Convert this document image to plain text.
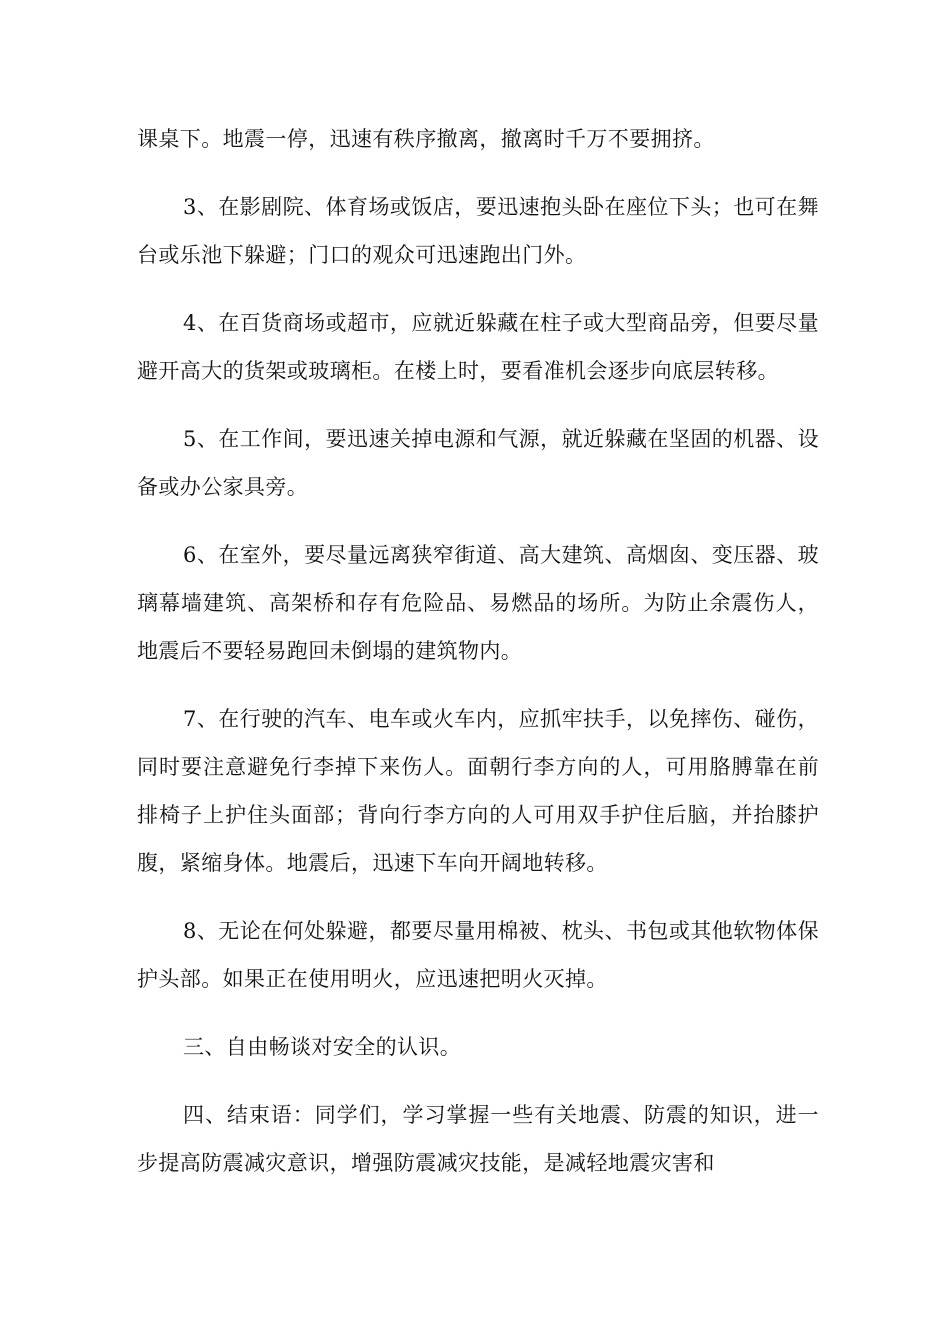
课桌下。地震一停，迅速有秩序撤离，撤离时千万不要拥挤。

3、在影剧院、体育场或饭店，要迅速抱头卧在座位下头；也可在舞台或乐池下躲避；门口的观众可迅速跑出门外。

4、在百货商场或超市，应就近躲藏在柱子或大型商品旁，但要尽量避开高大的货架或玻璃柜。在楼上时，要看准机会逐步向底层转移。

5、在工作间，要迅速关掉电源和气源，就近躲藏在坚固的机器、设备或办公家具旁。

6、在室外，要尽量远离狭窄街道、高大建筑、高烟囱、变压器、玻璃幕墙建筑、高架桥和存有危险品、易燃品的场所。为防止余震伤人，地震后不要轻易跑回未倒塌的建筑物内。

7、在行驶的汽车、电车或火车内，应抓牢扶手，以免摔伤、碰伤，同时要注意避免行李掉下来伤人。面朝行李方向的人，可用胳膊靠在前排椅子上护住头面部；背向行李方向的人可用双手护住后脑，并抬膝护腹，紧缩身体。地震后，迅速下车向开阔地转移。

8、无论在何处躲避，都要尽量用棉被、枕头、书包或其他软物体保护头部。如果正在使用明火，应迅速把明火灭掉。

三、自由畅谈对安全的认识。

四、结束语：同学们，学习掌握一些有关地震、防震的知识，进一步提高防震减灾意识，增强防震减灾技能，是减轻地震灾害和
